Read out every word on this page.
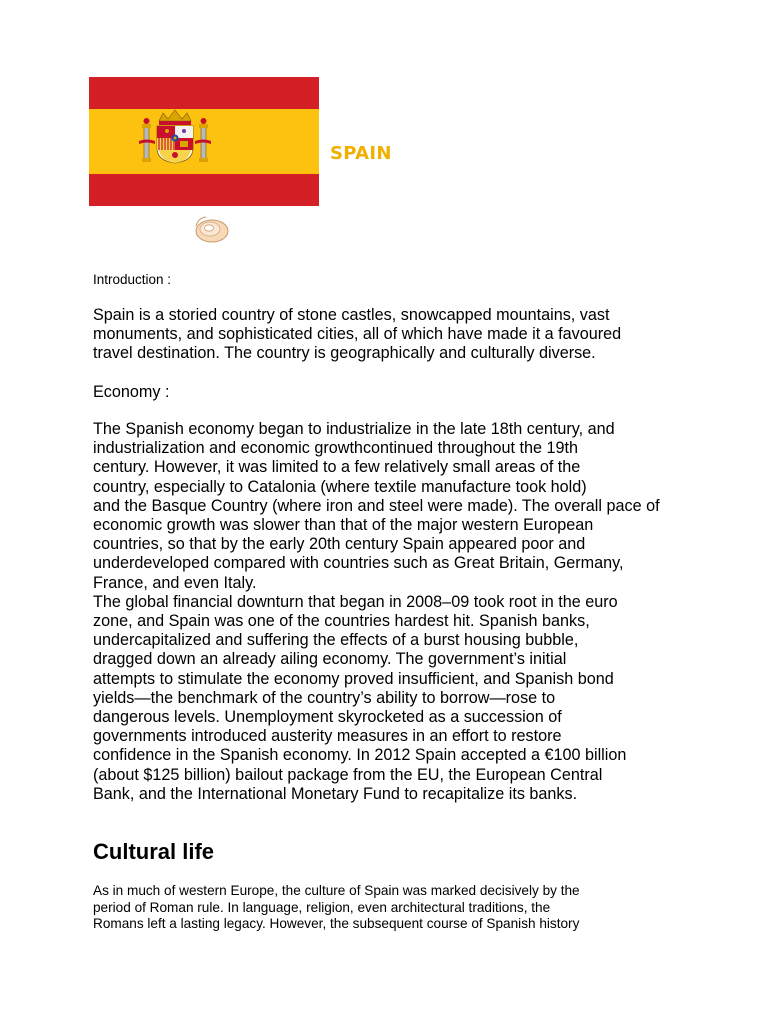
SPAIN

Introduction :

Spain is a storied country of stone castles, snowcapped mountains, vast
monuments, and sophisticated cities, all of which have made it a favoured
travel destination. The country is geographically and culturally diverse.

Economy :

The Spanish economy began to industrialize in the late 18th century, and
industrialization and economic growthcontinued throughout the 19th
century. However, it was limited to a few relatively small areas of the
country, especially to Catalonia (where textile manufacture took hold)
and the Basque Country (where iron and steel were made). The overall pace of
economic growth was slower than that of the major western European
countries, so that by the early 20th century Spain appeared poor and
underdeveloped compared with countries such as Great Britain, Germany,
France, and even Italy.
The global financial downturn that began in 2008–09 took root in the euro
zone, and Spain was one of the countries hardest hit. Spanish banks,
undercapitalized and suffering the effects of a burst housing bubble,
dragged down an already ailing economy. The government’s initial
attempts to stimulate the economy proved insufficient, and Spanish bond
yields—the benchmark of the country’s ability to borrow—rose to
dangerous levels. Unemployment skyrocketed as a succession of
governments introduced austerity measures in an effort to restore
confidence in the Spanish economy. In 2012 Spain accepted a €100 billion
(about $125 billion) bailout package from the EU, the European Central
Bank, and the International Monetary Fund to recapitalize its banks.
Cultural life
As in much of western Europe, the culture of Spain was marked decisively by the
period of Roman rule. In language, religion, even architectural traditions, the
Romans left a lasting legacy. However, the subsequent course of Spanish history
